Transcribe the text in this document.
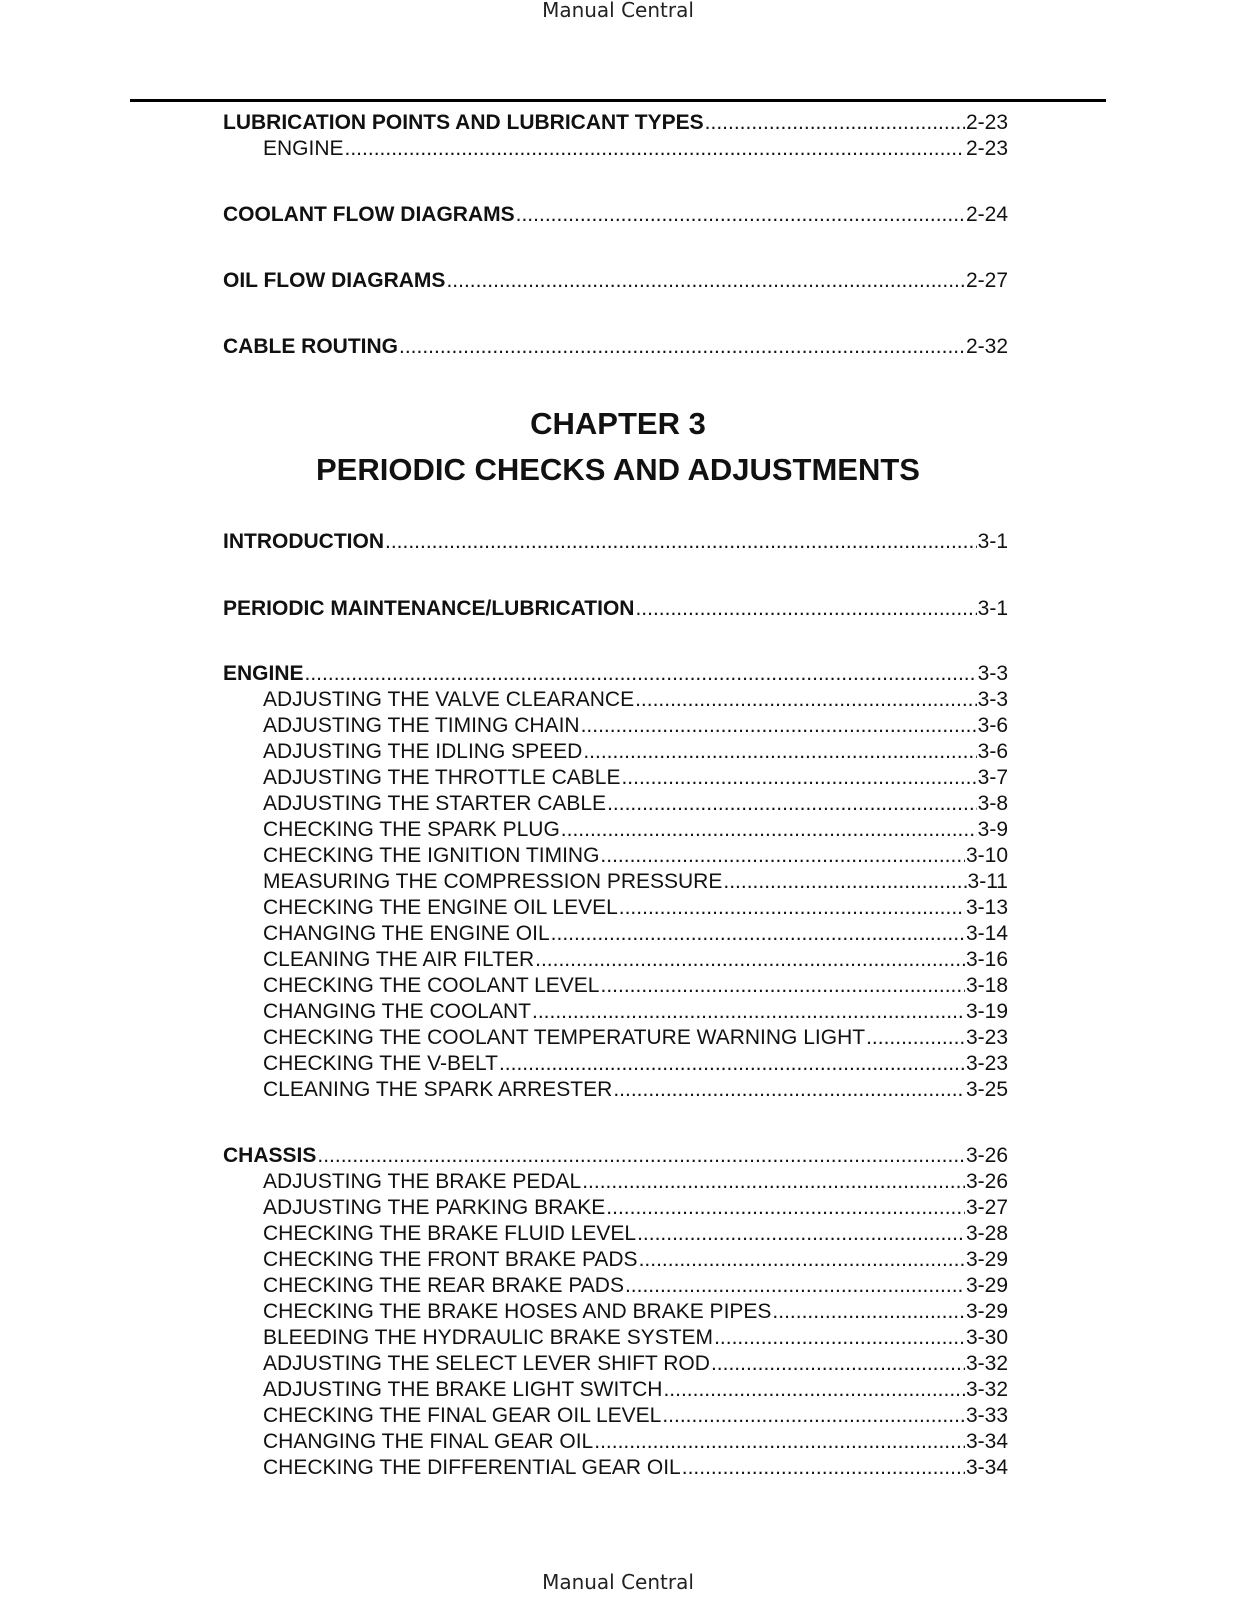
Manual Central
LUBRICATION POINTS AND LUBRICANT TYPES .....	2-23
ENGINE .....	2-23
COOLANT FLOW DIAGRAMS .....	2-24
OIL FLOW DIAGRAMS .....	2-27
CABLE ROUTING .....	2-32
CHAPTER 3
PERIODIC CHECKS AND ADJUSTMENTS
INTRODUCTION .....	3-1
PERIODIC MAINTENANCE/LUBRICATION .....	3-1
ENGINE .....	3-3
ADJUSTING THE VALVE CLEARANCE .....	3-3
ADJUSTING THE TIMING CHAIN .....	3-6
ADJUSTING THE IDLING SPEED .....	3-6
ADJUSTING THE THROTTLE CABLE .....	3-7
ADJUSTING THE STARTER CABLE .....	3-8
CHECKING THE SPARK PLUG .....	3-9
CHECKING THE IGNITION TIMING .....	3-10
MEASURING THE COMPRESSION PRESSURE .....	3-11
CHECKING THE ENGINE OIL LEVEL .....	3-13
CHANGING THE ENGINE OIL .....	3-14
CLEANING THE AIR FILTER .....	3-16
CHECKING THE COOLANT LEVEL .....	3-18
CHANGING THE COOLANT .....	3-19
CHECKING THE COOLANT TEMPERATURE WARNING LIGHT .....	3-23
CHECKING THE V-BELT .....	3-23
CLEANING THE SPARK ARRESTER .....	3-25
CHASSIS .....	3-26
ADJUSTING THE BRAKE PEDAL .....	3-26
ADJUSTING THE PARKING BRAKE .....	3-27
CHECKING THE BRAKE FLUID LEVEL .....	3-28
CHECKING THE FRONT BRAKE PADS .....	3-29
CHECKING THE REAR BRAKE PADS .....	3-29
CHECKING THE BRAKE HOSES AND BRAKE PIPES .....	3-29
BLEEDING THE HYDRAULIC BRAKE SYSTEM .....	3-30
ADJUSTING THE SELECT LEVER SHIFT ROD .....	3-32
ADJUSTING THE BRAKE LIGHT SWITCH .....	3-32
CHECKING THE FINAL GEAR OIL LEVEL .....	3-33
CHANGING THE FINAL GEAR OIL .....	3-34
CHECKING THE DIFFERENTIAL GEAR OIL .....	3-34
Manual Central
